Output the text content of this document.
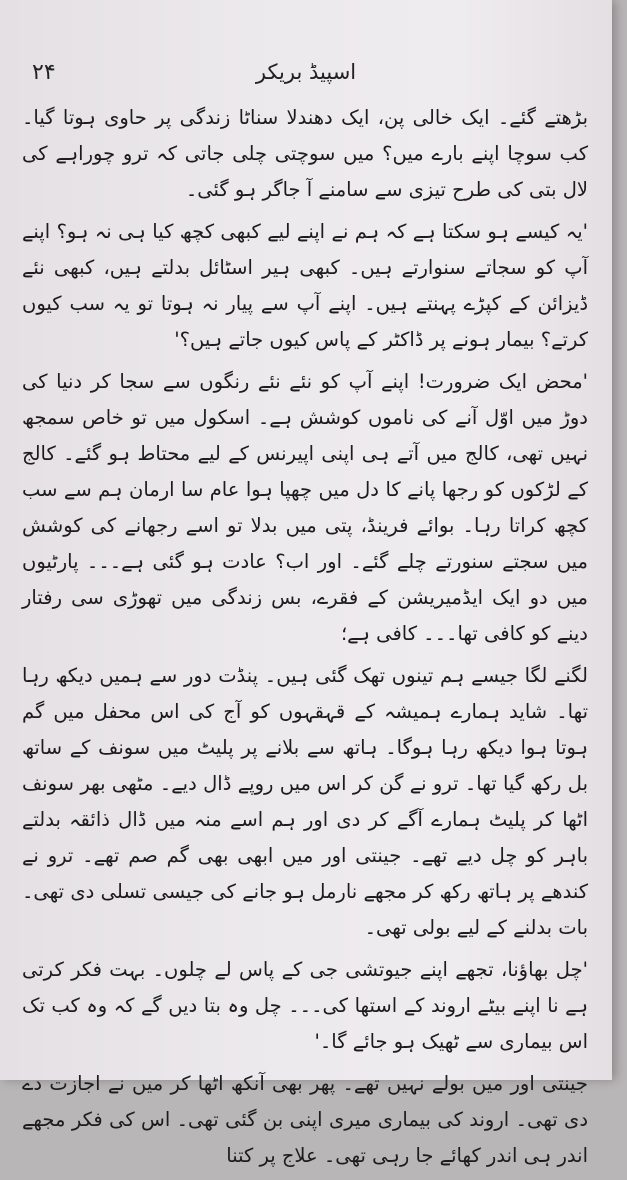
۲۴	اسپیڈ بریکر

بڑھتے گئے۔ ایک خالی پن، ایک دھندلا سناٹا زندگی پر حاوی ہوتا گیا۔ کب سوچا اپنے بارے میں؟ میں سوچتی چلی جاتی کہ ترو چوراہے کی لال بتی کی طرح تیزی سے سامنے آ جاگر ہو گئی۔

'یہ کیسے ہو سکتا ہے کہ ہم نے اپنے لیے کبھی کچھ کیا ہی نہ ہو؟ اپنے آپ کو سجاتے سنوارتے ہیں۔ کبھی ہیر اسٹائل بدلتے ہیں، کبھی نئے ڈیزائن کے کپڑے پہنتے ہیں۔ اپنے آپ سے پیار نہ ہوتا تو یہ سب کیوں کرتے؟ بیمار ہونے پر ڈاکٹر کے پاس کیوں جاتے ہیں؟'

'محض ایک ضرورت! اپنے آپ کو نئے نئے رنگوں سے سجا کر دنیا کی دوڑ میں اوّل آنے کی ناموں کوشش ہے۔ اسکول میں تو خاص سمجھ نہیں تھی، کالج میں آتے ہی اپنی اپیرنس کے لیے محتاط ہو گئے۔ کالج کے لڑکوں کو رجھا پانے کا دل میں چھپا ہوا عام سا ارمان ہم سے سب کچھ کراتا رہا۔ بوائے فرینڈ، پتی میں بدلا تو اسے رجھانے کی کوشش میں سجتے سنورتے چلے گئے۔ اور اب؟ عادت ہو گئی ہے۔۔۔ پارٹیوں میں دو ایک ایڈمیریشن کے فقرے، بس زندگی میں تھوڑی سی رفتار دینے کو کافی تھا۔۔۔ کافی ہے؛

لگنے لگا جیسے ہم تینوں تھک گئی ہیں۔ پنڈت دور سے ہمیں دیکھ رہا تھا۔ شاید ہمارے ہمیشہ کے قہقہوں کو آج کی اس محفل میں گم ہوتا ہوا دیکھ رہا ہوگا۔ ہاتھ سے بلانے پر پلیٹ میں سونف کے ساتھ بل رکھ گیا تھا۔ ترو نے گن کر اس میں روپے ڈال دیے۔ مٹھی بھر سونف اٹھا کر پلیٹ ہمارے آگے کر دی اور ہم اسے منہ میں ڈال ذائقہ بدلتے باہر کو چل دیے تھے۔ جینتی اور میں ابھی بھی گم صم تھے۔ ترو نے کندھے پر ہاتھ رکھ کر مجھے نارمل ہو جانے کی جیسی تسلی دی تھی۔ بات بدلنے کے لیے بولی تھی۔

'چل بھاؤنا، تجھے اپنے جیوتشی جی کے پاس لے چلوں۔ بہت فکر کرتی ہے نا اپنے بیٹے اروند کے استھا کی۔۔۔ چل وہ بتا دیں گے کہ وہ کب تک اس بیماری سے ٹھیک ہو جائے گا۔'

جینتی اور میں بولے نہیں تھے۔ پھر بھی آنکھ اٹھا کر میں نے اجازت دے دی تھی۔ اروند کی بیماری میری اپنی بن گئی تھی۔ اس کی فکر مجھے اندر ہی اندر کھائے جا رہی تھی۔ علاج پر کتنا
